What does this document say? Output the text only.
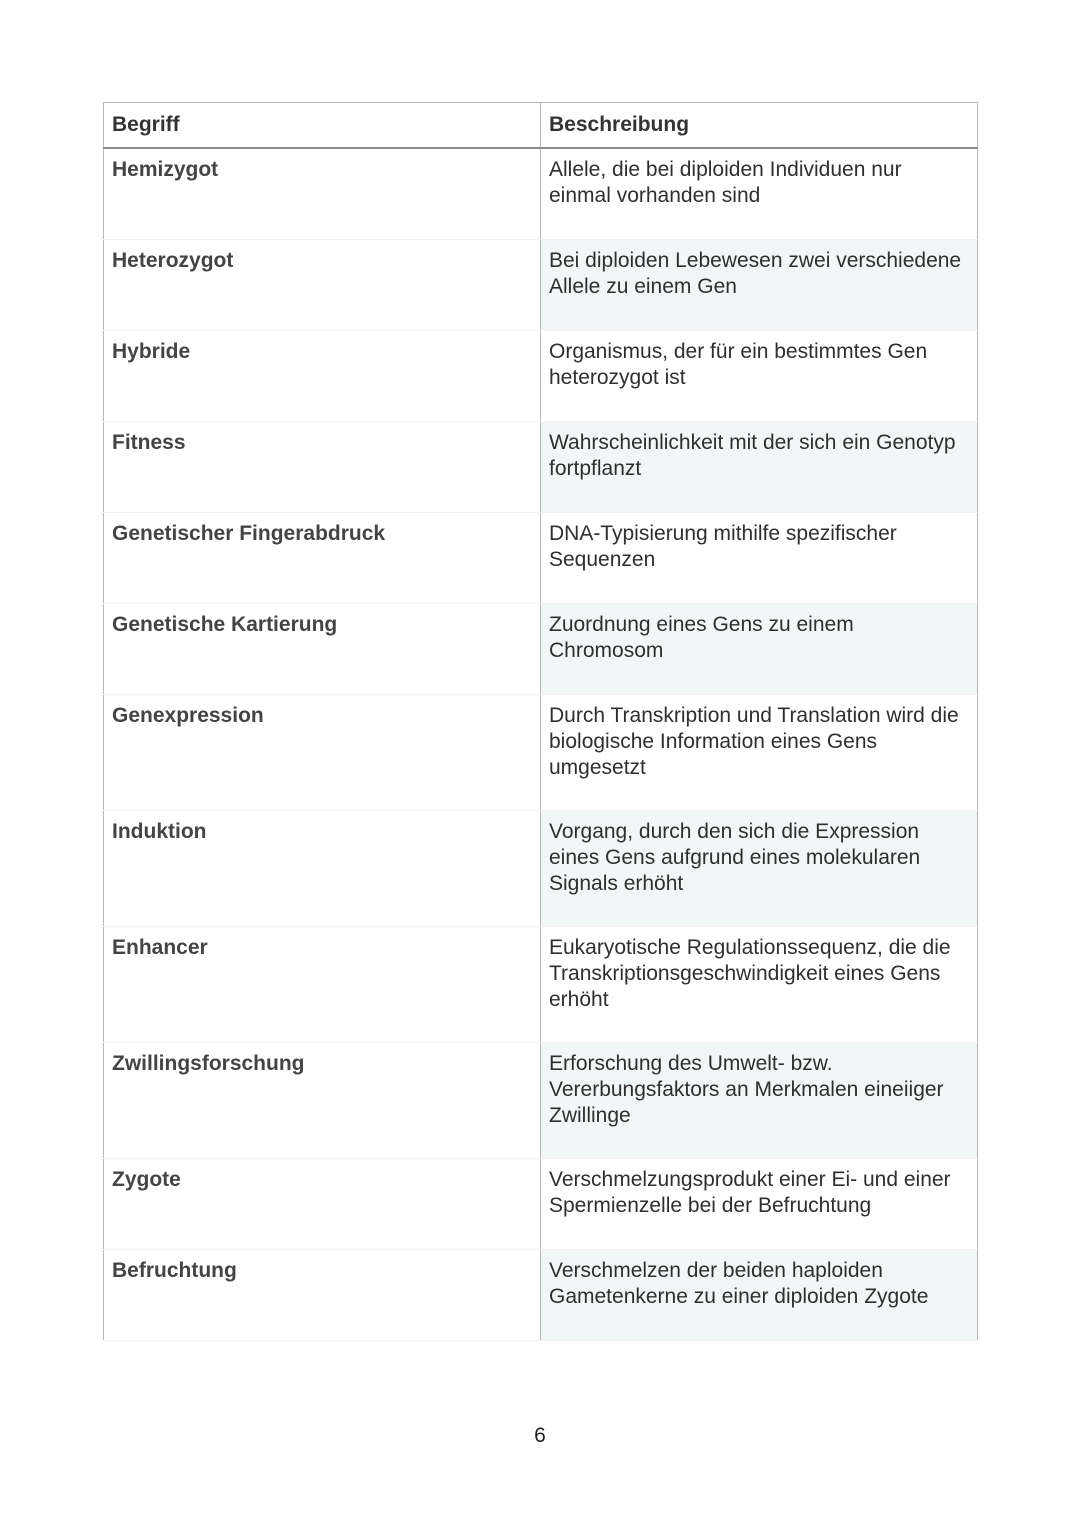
Begriff	Beschreibung
Hemizygot	Allele, die bei diploiden Individuen nur einmal vorhanden sind
Heterozygot	Bei diploiden Lebewesen zwei verschiedene Allele zu einem Gen
Hybride	Organismus, der für ein bestimmtes Gen heterozygot ist
Fitness	Wahrscheinlichkeit mit der sich ein Genotyp fortpflanzt
Genetischer Fingerabdruck	DNA-Typisierung mithilfe spezifischer Sequenzen
Genetische Kartierung	Zuordnung eines Gens zu einem Chromosom
Genexpression	Durch Transkription und Translation wird die biologische Information eines Gens umgesetzt
Induktion	Vorgang, durch den sich die Expression eines Gens aufgrund eines molekularen Signals erhöht
Enhancer	Eukaryotische Regulationssequenz, die die Transkriptionsgeschwindigkeit eines Gens erhöht
Zwillingsforschung	Erforschung des Umwelt- bzw. Vererbungsfaktors an Merkmalen eineiiger Zwillinge
Zygote	Verschmelzungsprodukt einer Ei- und einer Spermienzelle bei der Befruchtung
Befruchtung	Verschmelzen der beiden haploiden Gametenkerne zu einer diploiden Zygote
6
